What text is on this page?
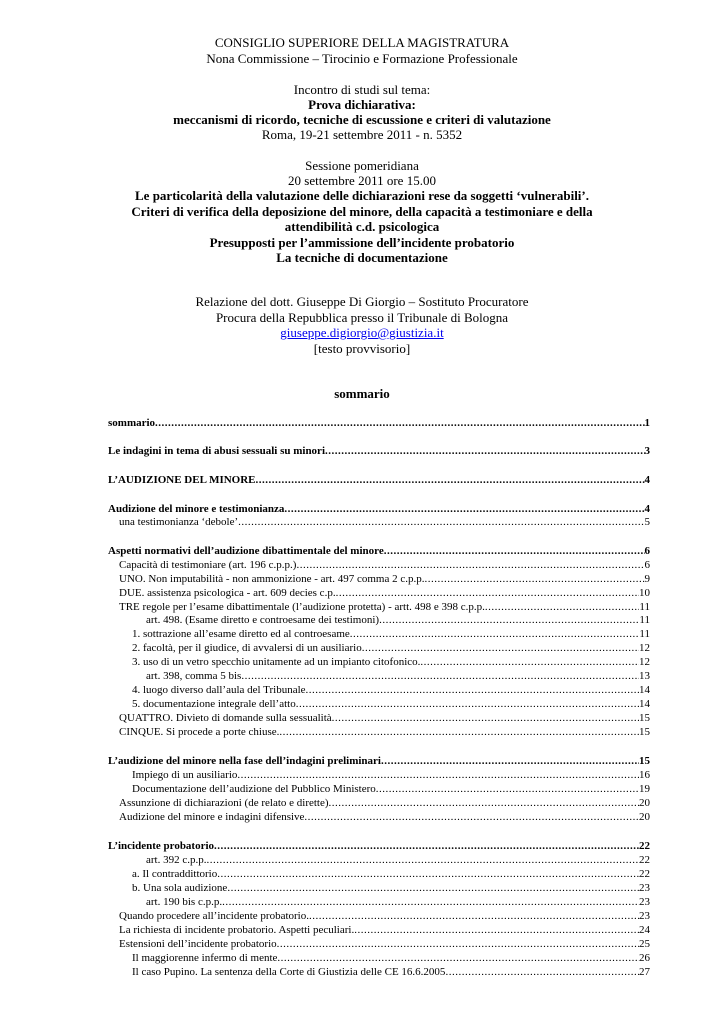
CONSIGLIO SUPERIORE DELLA MAGISTRATURA
Nona Commissione – Tirocinio e Formazione Professionale
Incontro di studi sul tema:
Prova dichiarativa:
meccanismi di ricordo, tecniche di escussione e criteri di valutazione
Roma, 19-21 settembre 2011 - n. 5352
Sessione pomeridiana
20 settembre 2011 ore 15.00
Le particolarità della valutazione delle dichiarazioni rese da soggetti ‘vulnerabili’.
Criteri di verifica della deposizione del minore, della capacità a testimoniare e della
attendibilità c.d. psicologica
Presupposti per l’ammissione dell’incidente probatorio
La tecniche di documentazione
Relazione del dott. Giuseppe Di Giorgio – Sostituto Procuratore
Procura della Repubblica presso il Tribunale di Bologna
giuseppe.digiorgio@giustizia.it
[testo provvisorio]
sommario
sommario .....	1
Le indagini in tema di abusi sessuali su minori .....	3
L’AUDIZIONE DEL MINORE .....	4
Audizione del minore e testimonianza .....	4
una testimonianza ‘debole’ .....	5
Aspetti normativi dell’audizione dibattimentale del minore .....	6
Capacità di testimoniare (art. 196 c.p.p.) .....	6
UNO. Non imputabilità - non ammonizione - art. 497 comma 2 c.p.p. .....	9
DUE. assistenza psicologica - art. 609 decies c.p. .....	10
TRE regole per l’esame dibattimentale (l’audizione protetta) - artt. 498 e 398 c.p.p. .....	11
art. 498. (Esame diretto e controesame dei testimoni) .....	11
1. sottrazione all’esame diretto ed al controesame .....	11
2. facoltà, per il giudice, di avvalersi di un ausiliario .....	12
3. uso di un vetro specchio unitamente ad un impianto citofonico. .....	12
art. 398, comma 5 bis .....	13
4. luogo diverso dall’aula del Tribunale .....	14
5. documentazione integrale dell’atto .....	14
QUATTRO. Divieto di domande sulla sessualità .....	15
CINQUE. Si procede a porte chiuse. .....	15
L’audizione del minore nella fase dell’indagini preliminari .....	15
Impiego di un ausiliario .....	16
Documentazione dell’audizione del Pubblico Ministero .....	19
Assunzione di dichiarazioni (de relato e dirette) .....	20
Audizione del minore e indagini difensive .....	20
L’incidente probatorio .....	22
art. 392 c.p.p. .....	22
a. Il contraddittorio .....	22
b. Una sola audizione .....	23
art. 190 bis c.p.p. .....	23
Quando procedere all’incidente probatorio. .....	23
La richiesta di incidente probatorio. Aspetti peculiari. .....	24
Estensioni dell’incidente probatorio .....	25
Il maggiorenne infermo di mente .....	26
Il caso Pupino. La sentenza della Corte di Giustizia delle CE 16.6.2005 .....	27
